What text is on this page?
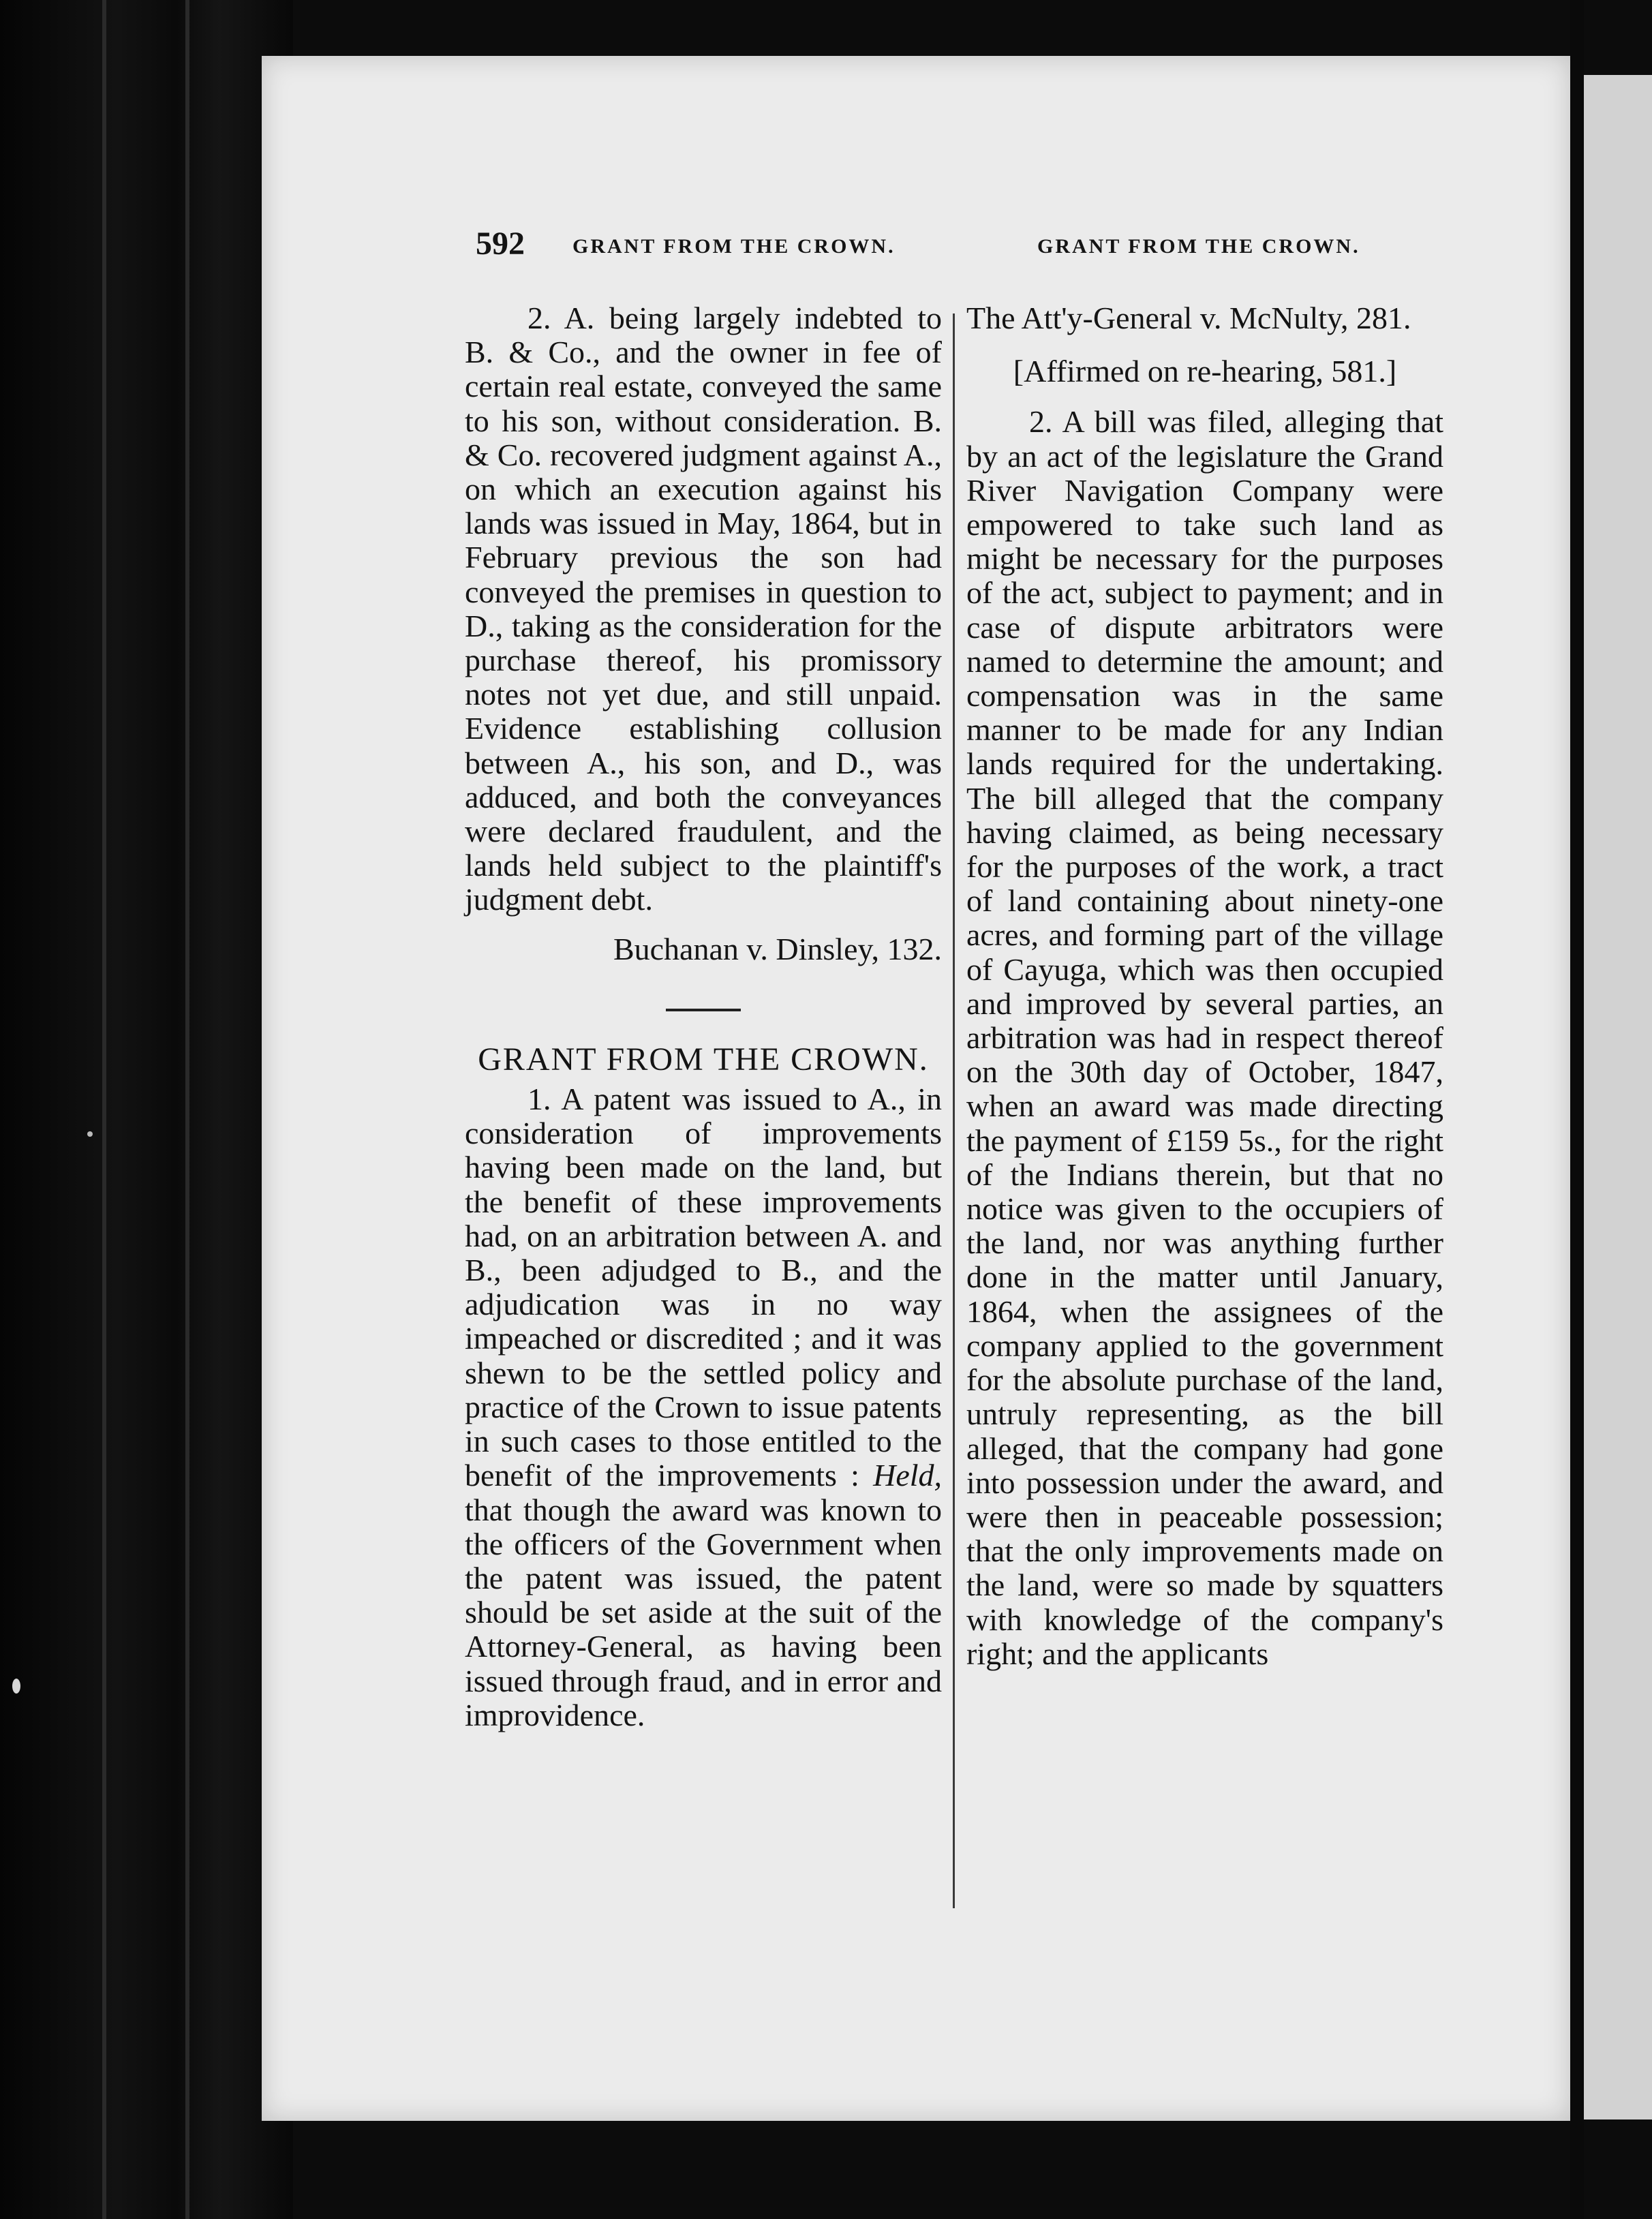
592 GRANT FROM THE CROWN.	GRANT FROM THE CROWN.

2. A. being largely indebted to B. & Co., and the owner in fee of certain real estate, conveyed the same to his son, without consideration. B. & Co. recovered judgment against A., on which an execution against his lands was issued in May, 1864, but in February previous the son had conveyed the premises in question to D., taking as the consideration for the purchase thereof, his promissory notes not yet due, and still unpaid. Evidence establishing collusion between A., his son, and D., was adduced, and both the conveyances were declared fraudulent, and the lands held subject to the plaintiff's judgment debt.

Buchanan v. Dinsley, 132.

GRANT FROM THE CROWN.

1. A patent was issued to A., in consideration of improvements having been made on the land, but the benefit of these improvements had, on an arbitration between A. and B., been adjudged to B., and the adjudication was in no way impeached or discredited ; and it was shewn to be the settled policy and practice of the Crown to issue patents in such cases to those entitled to the benefit of the improvements : Held, that though the award was known to the officers of the Government when the patent was issued, the patent should be set aside at the suit of the Attorney-General, as having been issued through fraud, and in error and improvidence.

The Att'y-General v. McNulty, 281.

[Affirmed on re-hearing, 581.]

2. A bill was filed, alleging that by an act of the legislature the Grand River Navigation Company were empowered to take such land as might be necessary for the purposes of the act, subject to payment; and in case of dispute arbitrators were named to determine the amount; and compensation was in the same manner to be made for any Indian lands required for the undertaking. The bill alleged that the company having claimed, as being necessary for the purposes of the work, a tract of land containing about ninety-one acres, and forming part of the village of Cayuga, which was then occupied and improved by several parties, an arbitration was had in respect thereof on the 30th day of October, 1847, when an award was made directing the payment of £159 5s., for the right of the Indians therein, but that no notice was given to the occupiers of the land, nor was anything further done in the matter until January, 1864, when the assignees of the company applied to the government for the absolute purchase of the land, untruly representing, as the bill alleged, that the company had gone into possession under the award, and were then in peaceable possession; that the only improvements made on the land, were so made by squatters with knowledge of the company's right; and the applicants
